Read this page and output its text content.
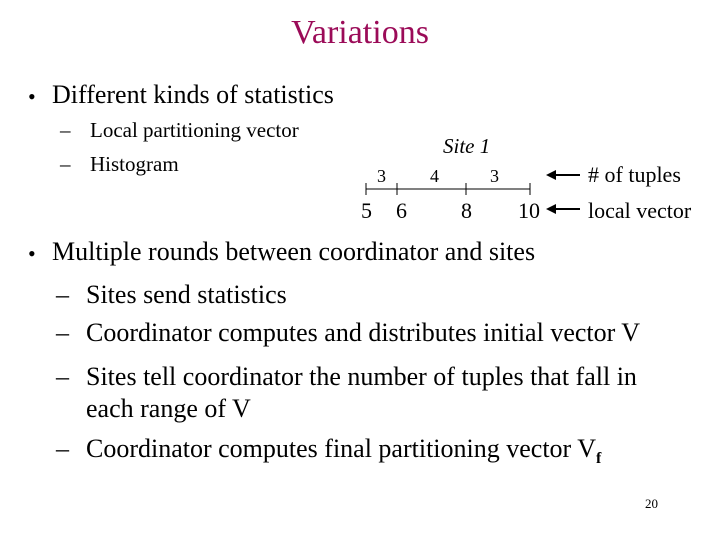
Variations
• Different kinds of statistics
– Local partitioning vector
– Histogram
Site 1
3 4	3
5 6 8 10
# of tuples
local vector
• Multiple rounds between coordinator and sites
– Sites send statistics
– Coordinator computes and distributes initial vector V
– Sites tell coordinator the number of tuples that fall in
each range of V
– Coordinator computes final partitioning vector $V_f$
20
